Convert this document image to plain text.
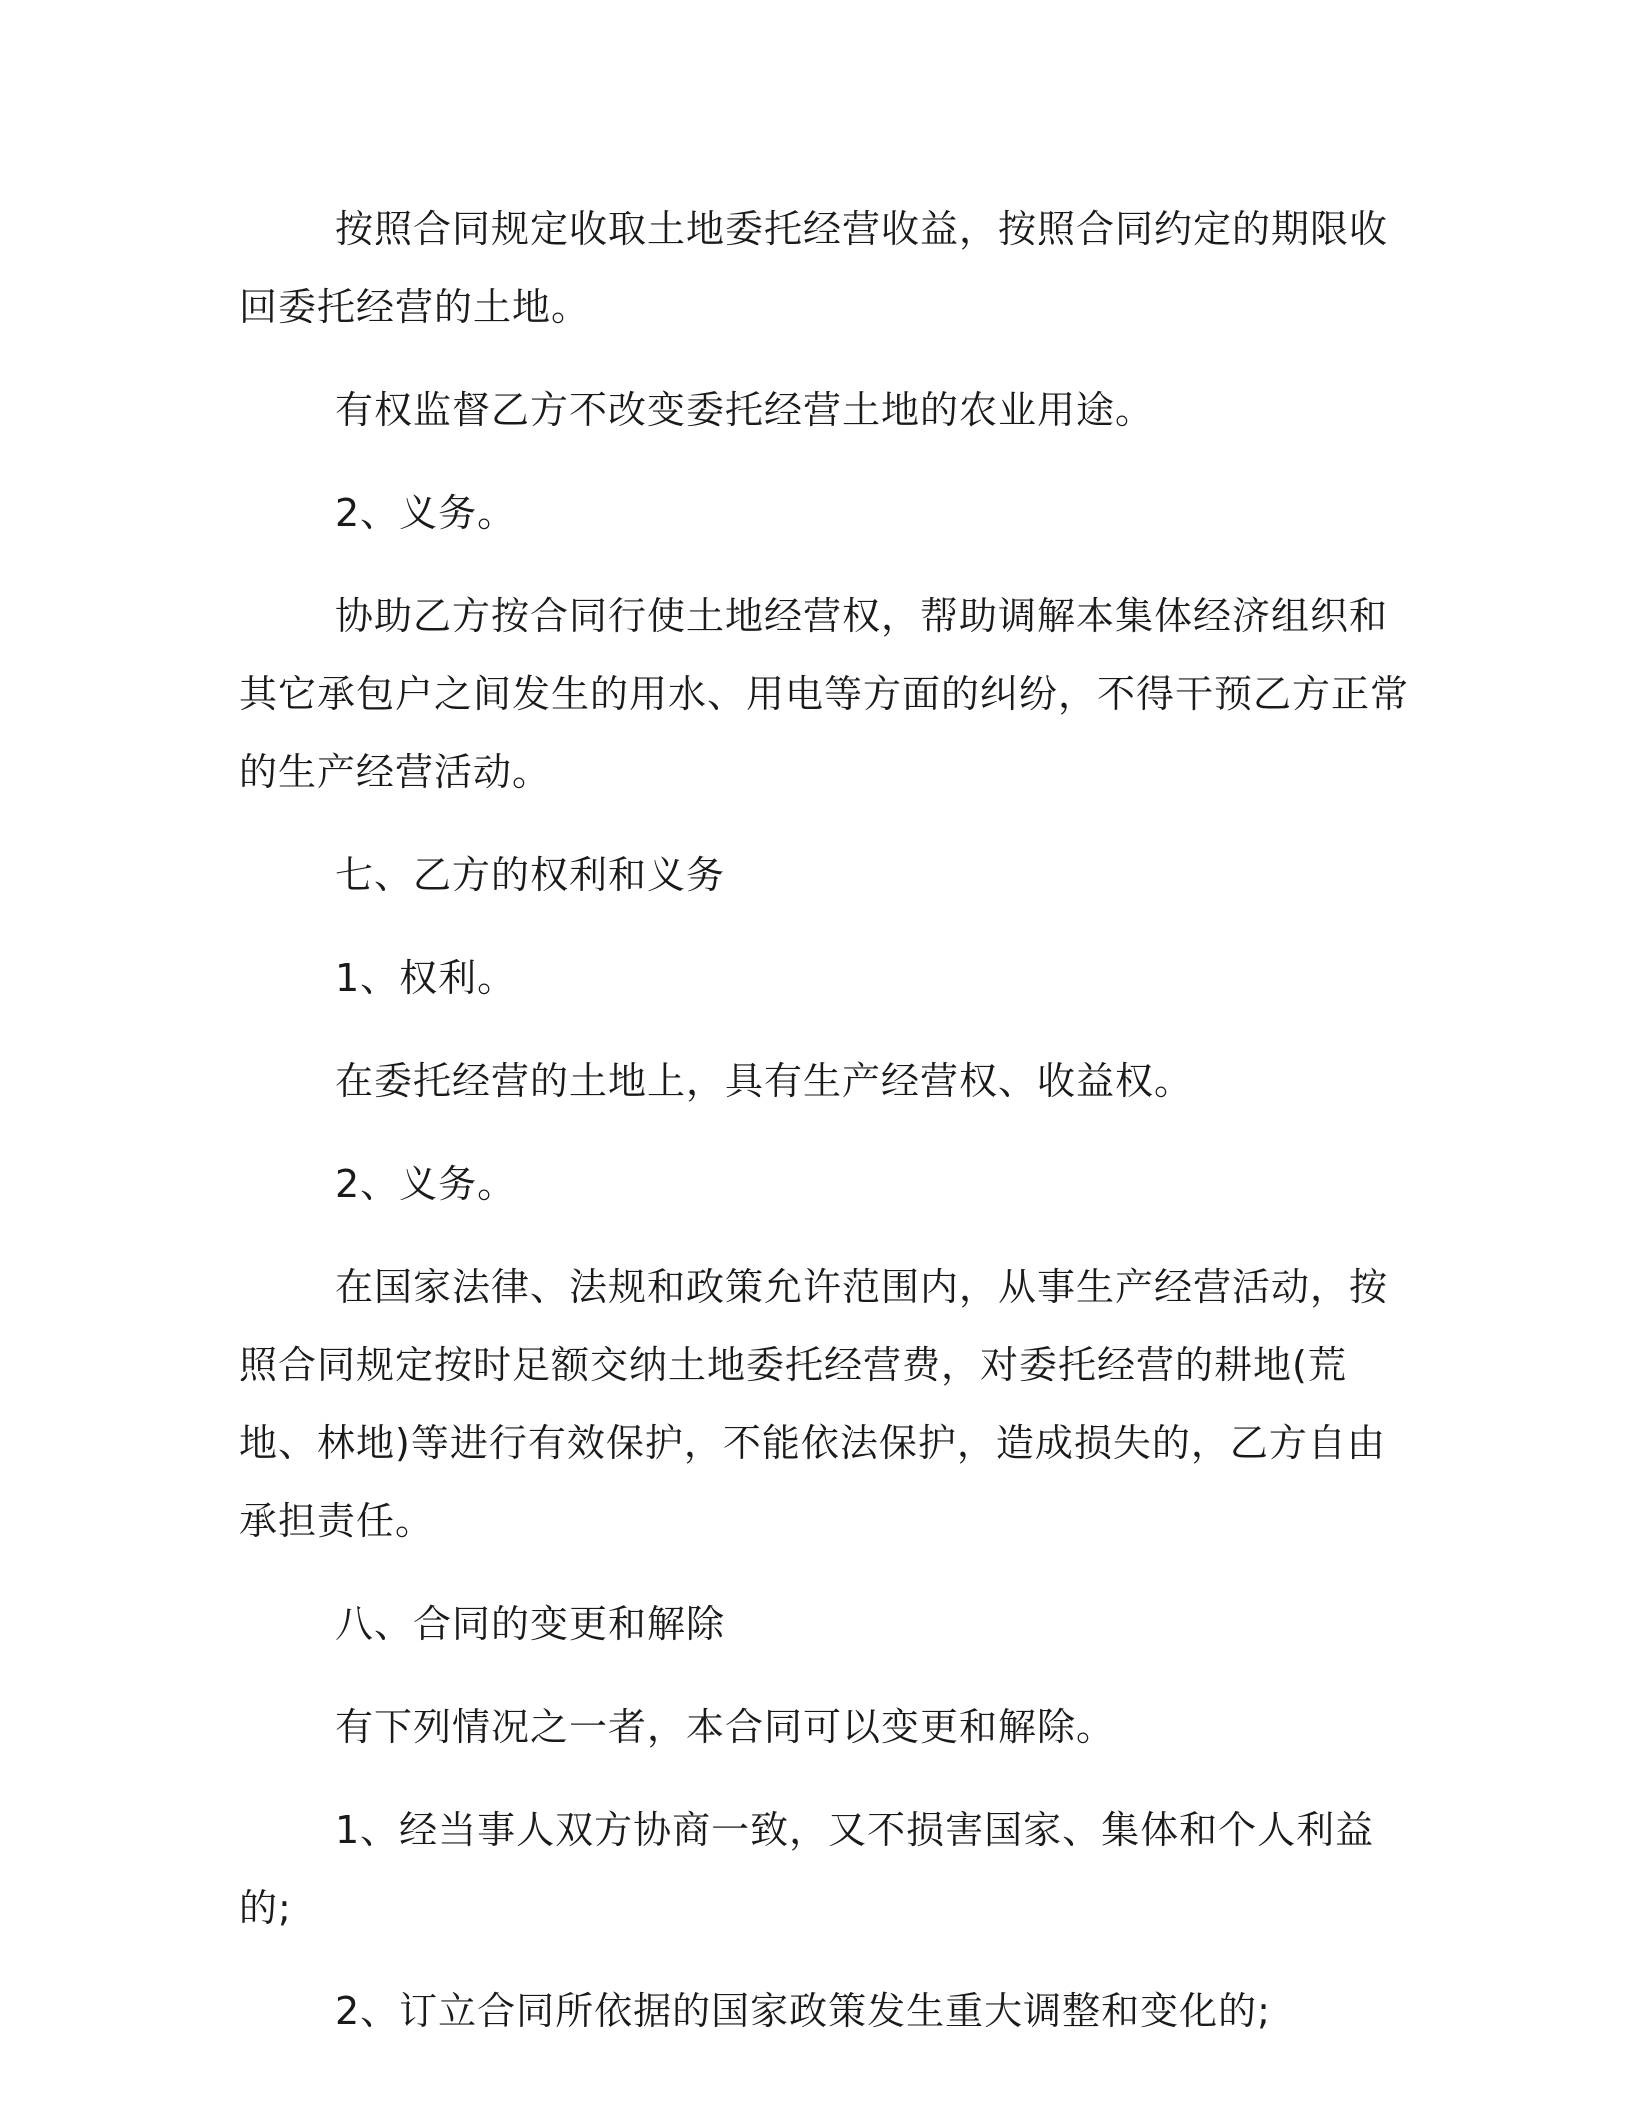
按照合同规定收取土地委托经营收益，按照合同约定的期限收回委托经营的土地。

有权监督乙方不改变委托经营土地的农业用途。

2、义务。

协助乙方按合同行使土地经营权，帮助调解本集体经济组织和其它承包户之间发生的用水、用电等方面的纠纷，不得干预乙方正常的生产经营活动。

七、乙方的权利和义务

1、权利。

在委托经营的土地上，具有生产经营权、收益权。

2、义务。

在国家法律、法规和政策允许范围内，从事生产经营活动，按照合同规定按时足额交纳土地委托经营费，对委托经营的耕地(荒地、林地)等进行有效保护，不能依法保护，造成损失的，乙方自由承担责任。

八、合同的变更和解除

有下列情况之一者，本合同可以变更和解除。

1、经当事人双方协商一致，又不损害国家、集体和个人利益的;

2、订立合同所依据的国家政策发生重大调整和变化的;
